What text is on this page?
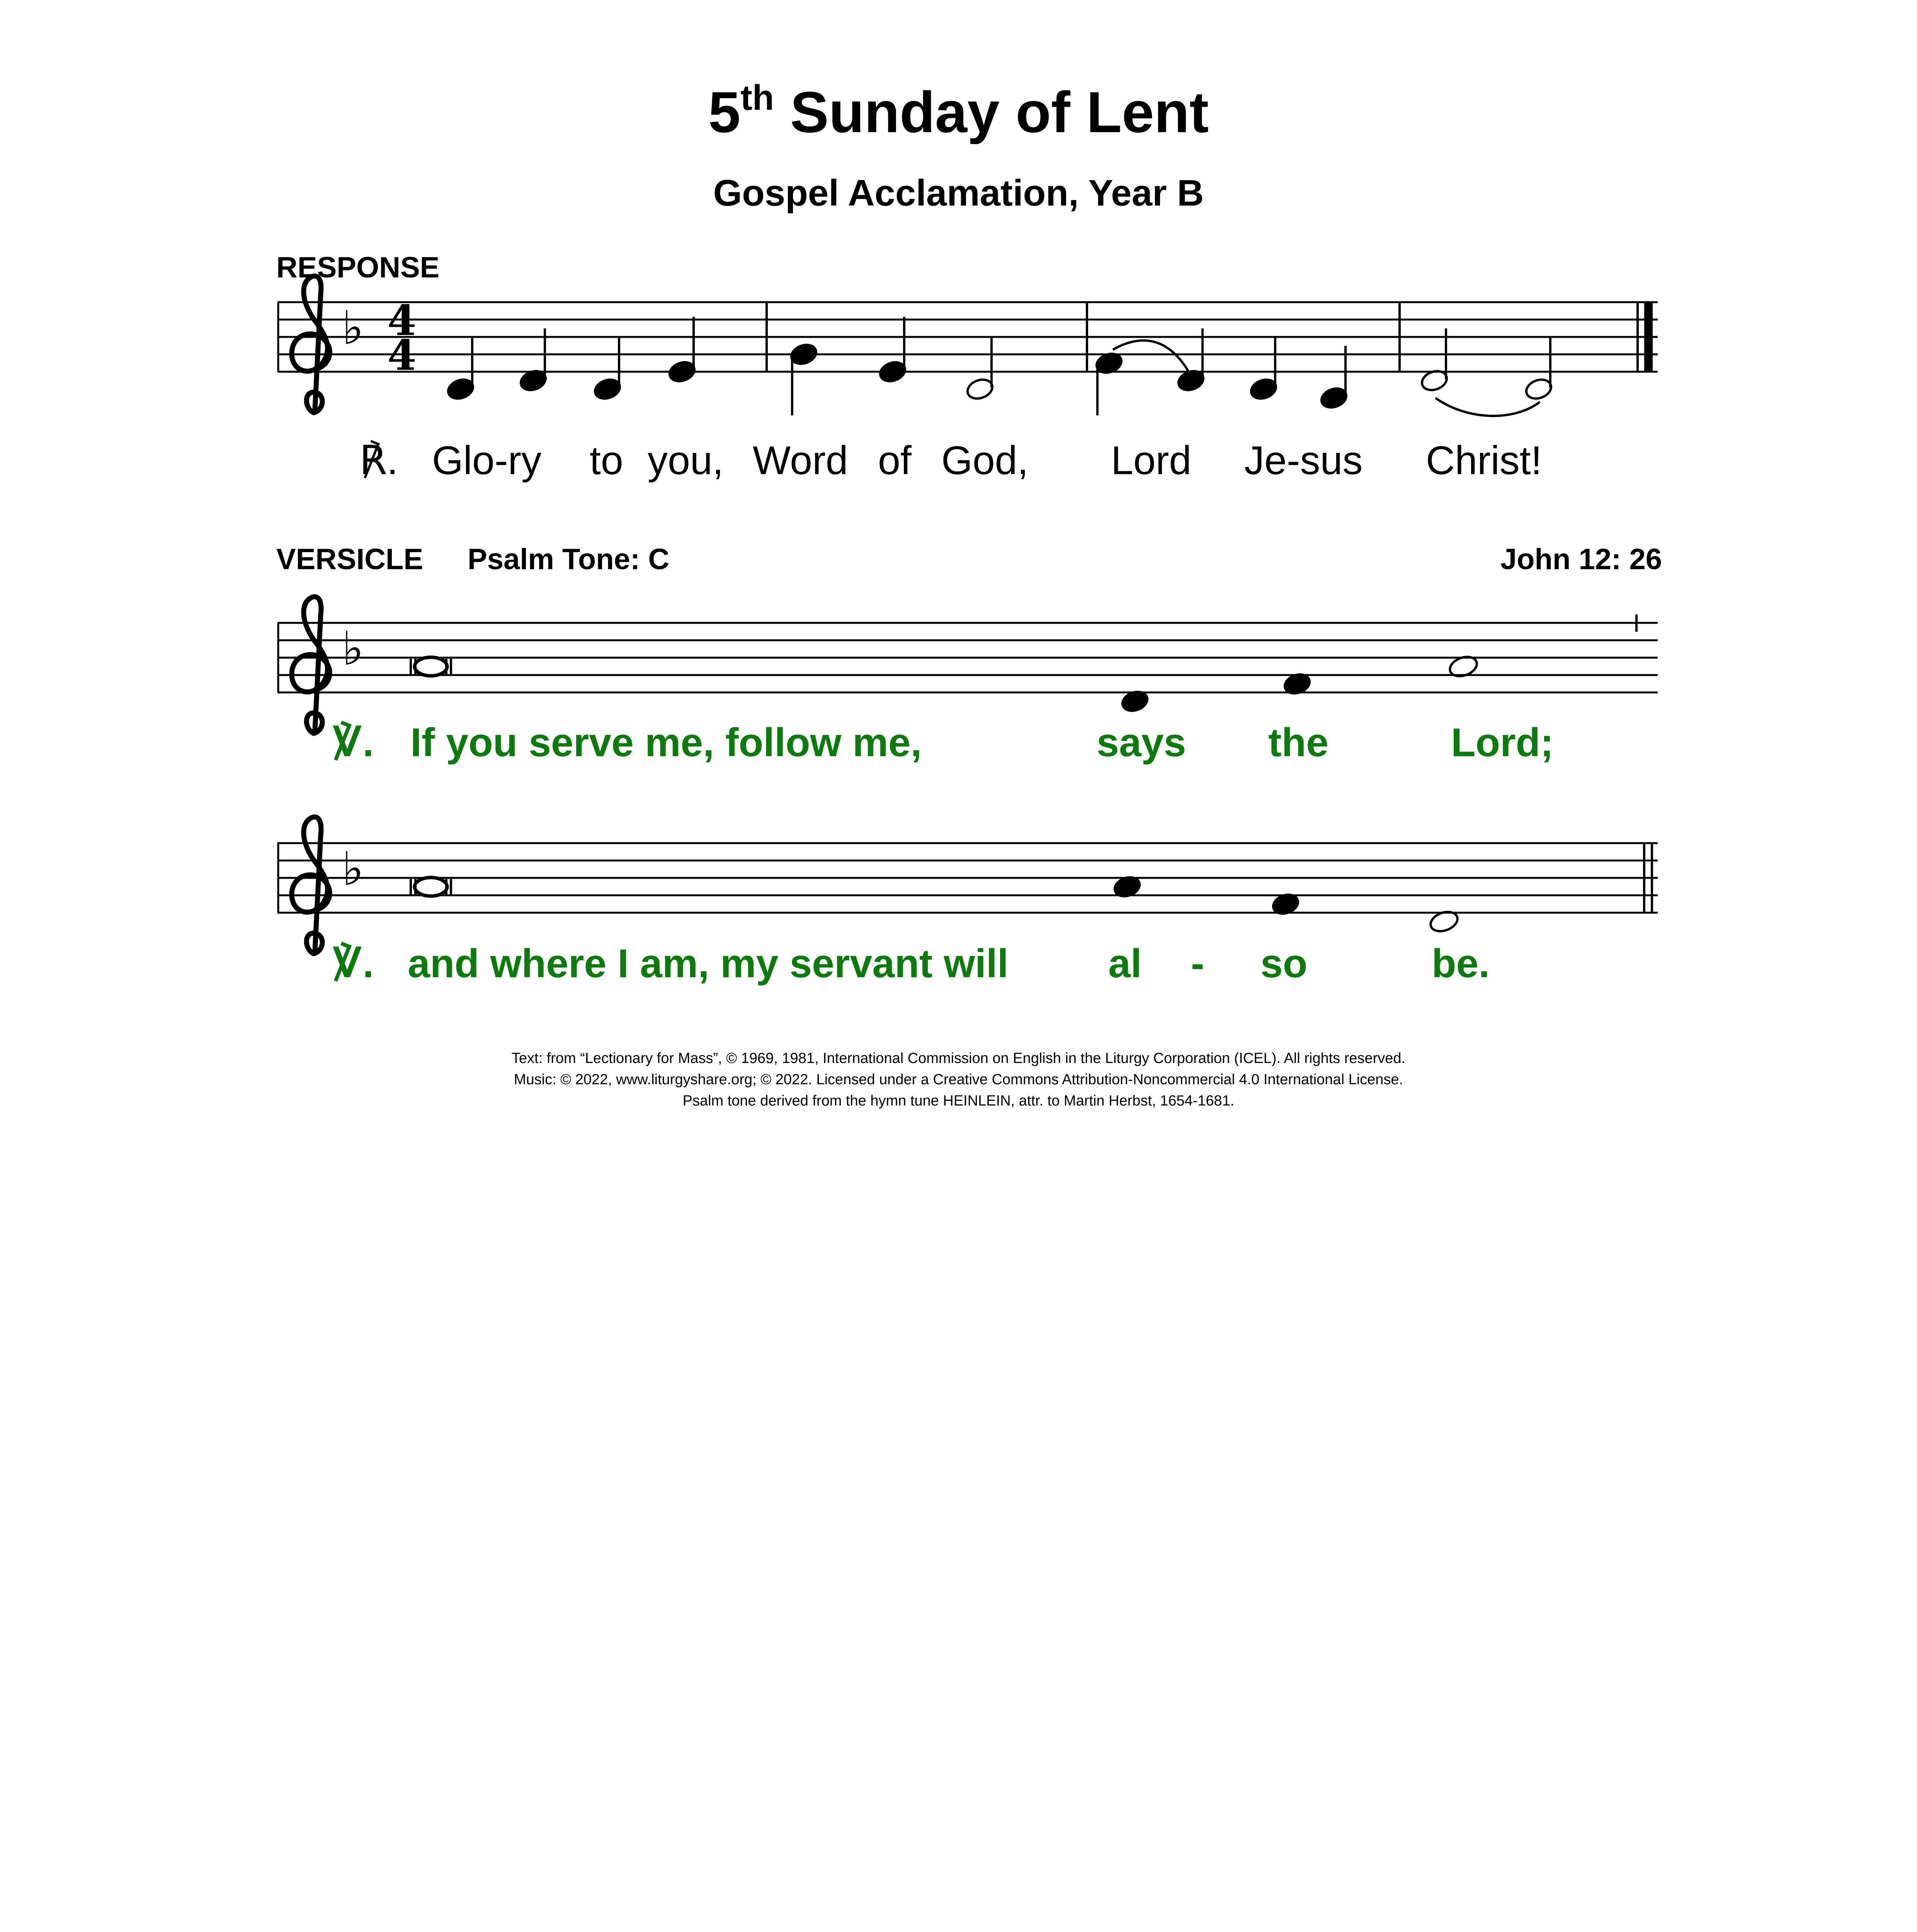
5th Sunday of Lent
Gospel Acclamation, Year B
RESPONSE
VERSICLE Psalm Tone: C	John 12: 26
♭ 4
4
♭
♭
℟. Glo-ry to you, Word of God, Lord Je-sus Christ!
℣. If you serve me, follow me,	says the	Lord;
℣. and where I am, my servant will al - so	be.
Text: from “Lectionary for Mass”, © 1969, 1981, International Commission on English in the Liturgy Corporation (ICEL). All rights reserved.
Music: © 2022, www.liturgyshare.org; © 2022. Licensed under a Creative Commons Attribution-Noncommercial 4.0 International License.
Psalm tone derived from the hymn tune HEINLEIN, attr. to Martin Herbst, 1654-1681.
